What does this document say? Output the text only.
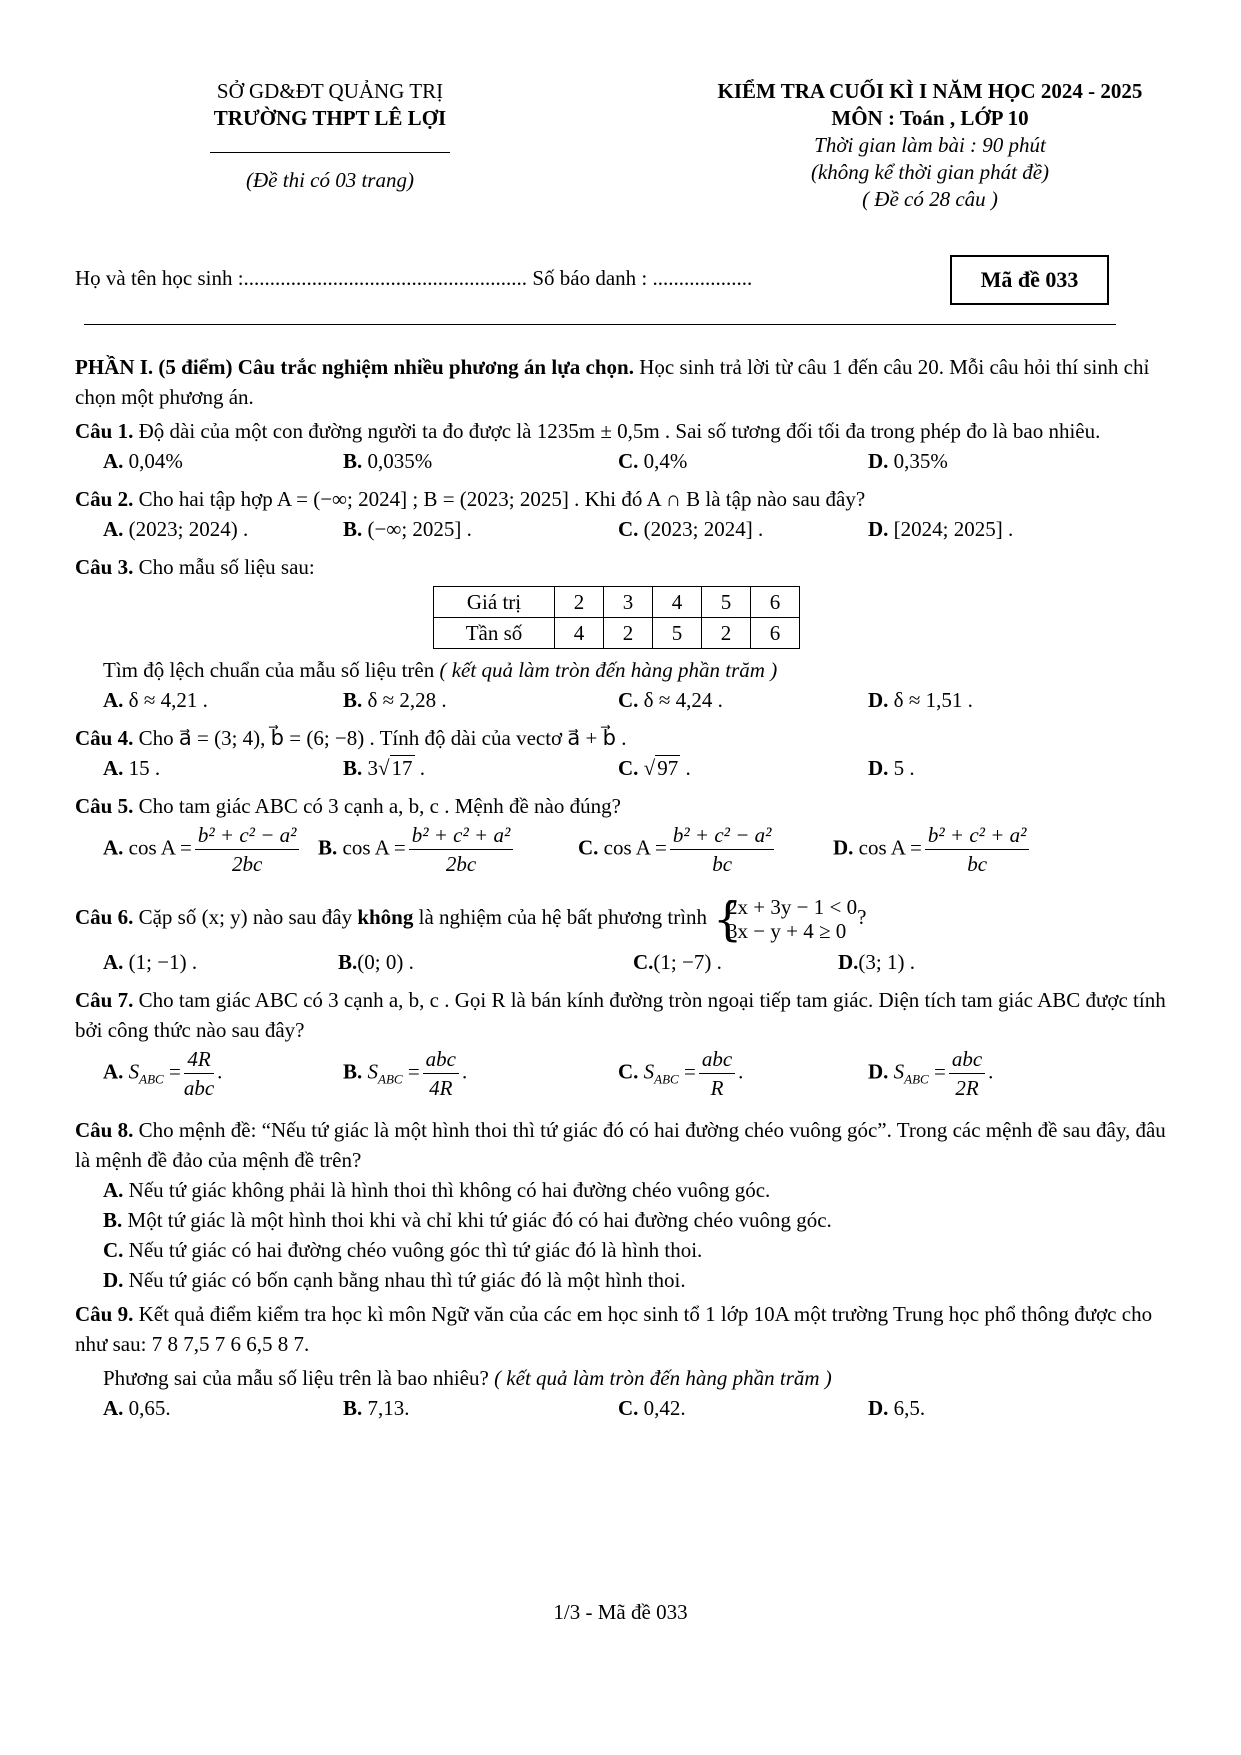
SỞ GD&ĐT QUẢNG TRỊ
TRƯỜNG THPT LÊ LỢI
(Đề thi có 03 trang)
KIỂM TRA CUỐI KÌ I NĂM HỌC 2024 - 2025
MÔN : Toán , LỚP 10
Thời gian làm bài : 90 phút
(không kể thời gian phát đề)
( Đề có 28 câu )
Họ và tên học sinh :...................................................... Số báo danh : ...................	Mã đề 033

PHẦN I. (5 điểm) Câu trắc nghiệm nhiều phương án lựa chọn. Học sinh trả lời từ câu 1 đến câu 20. Mỗi câu hỏi thí sinh chỉ chọn một phương án.

Câu 1. Độ dài của một con đường người ta đo được là 1235m ± 0,5m . Sai số tương đối tối đa trong phép đo là bao nhiêu.

A. 0,04%	B. 0,035%	C. 0,4%	D. 0,35%

Câu 2. Cho hai tập hợp A = (−∞; 2024] ; B = (2023; 2025] . Khi đó A ∩ B là tập nào sau đây?

A. (2023; 2024) .	B. (−∞; 2025] .	C. (2023; 2024] .	D. [2024; 2025] .

Câu 3. Cho mẫu số liệu sau:

Giá trị	2	3	4	5	6
Tần số	4	2	5	2	6

Tìm độ lệch chuẩn của mẫu số liệu trên ( kết quả làm tròn đến hàng phần trăm )

A. δ ≈ 4,21 .	B. δ ≈ 2,28 .	C. δ ≈ 4,24 .	D. δ ≈ 1,51 .

Câu 4. Cho a⃗ = (3; 4), b⃗ = (6; −8) . Tính độ dài của vectơ a⃗ + b⃗ .

A. 15 .	B. 3√17 .	C. √97 .	D. 5 .

Câu 5. Cho tam giác ABC có 3 cạnh a, b, c . Mệnh đề nào đúng?

A. $\cos A = \frac{\text{b² + c² − a²}}{2bc} B$. $\cos A = \frac{\text{b² + c² + a²}}{2bc}$	C. $\cos A = \frac{\text{b² + c² − a²}}{bc}$	D. $\cos A = \frac{\text{b² + c² + a²}}{bc}$

Câu 6. Cặp số (x; y) nào sau đây không là nghiệm của hệ bất phương trình {
2x + 3y − 1 < 0
3x − y + 4 ≥ 0
?

A. (1; −1) .	B.(0; 0) .	C.(1; −7) .	D.(3; 1) .

Câu 7. Cho tam giác ABC có 3 cạnh a, b, c . Gọi R là bán kính đường tròn ngoại tiếp tam giác. Diện tích tam giác ABC được tính bởi công thức nào sau đây?

A. $S_{ABC} = \frac{4R}{\text{abc}}$ .	B. $S_{ABC} = \frac{\text{abc}}{4R}$ .	C. $S_{ABC} = \frac{\text{abc}}{R}$ .	D. $S_{ABC} = \frac{\text{abc}}{2R}$ .

Câu 8. Cho mệnh đề: “Nếu tứ giác là một hình thoi thì tứ giác đó có hai đường chéo vuông góc”. Trong các mệnh đề sau đây, đâu là mệnh đề đảo của mệnh đề trên?

A. Nếu tứ giác không phải là hình thoi thì không có hai đường chéo vuông góc.

B. Một tứ giác là một hình thoi khi và chỉ khi tứ giác đó có hai đường chéo vuông góc.

C. Nếu tứ giác có hai đường chéo vuông góc thì tứ giác đó là hình thoi.

D. Nếu tứ giác có bốn cạnh bằng nhau thì tứ giác đó là một hình thoi.

Câu 9. Kết quả điểm kiểm tra học kì môn Ngữ văn của các em học sinh tổ 1 lớp 10A một trường Trung học phổ thông được cho như sau: 7 8 7,5 7 6 6,5 8 7.

Phương sai của mẫu số liệu trên là bao nhiêu? ( kết quả làm tròn đến hàng phần trăm )

A. 0,65.	B. 7,13.	C. 0,42.	D. 6,5.
1/3 - Mã đề 033
